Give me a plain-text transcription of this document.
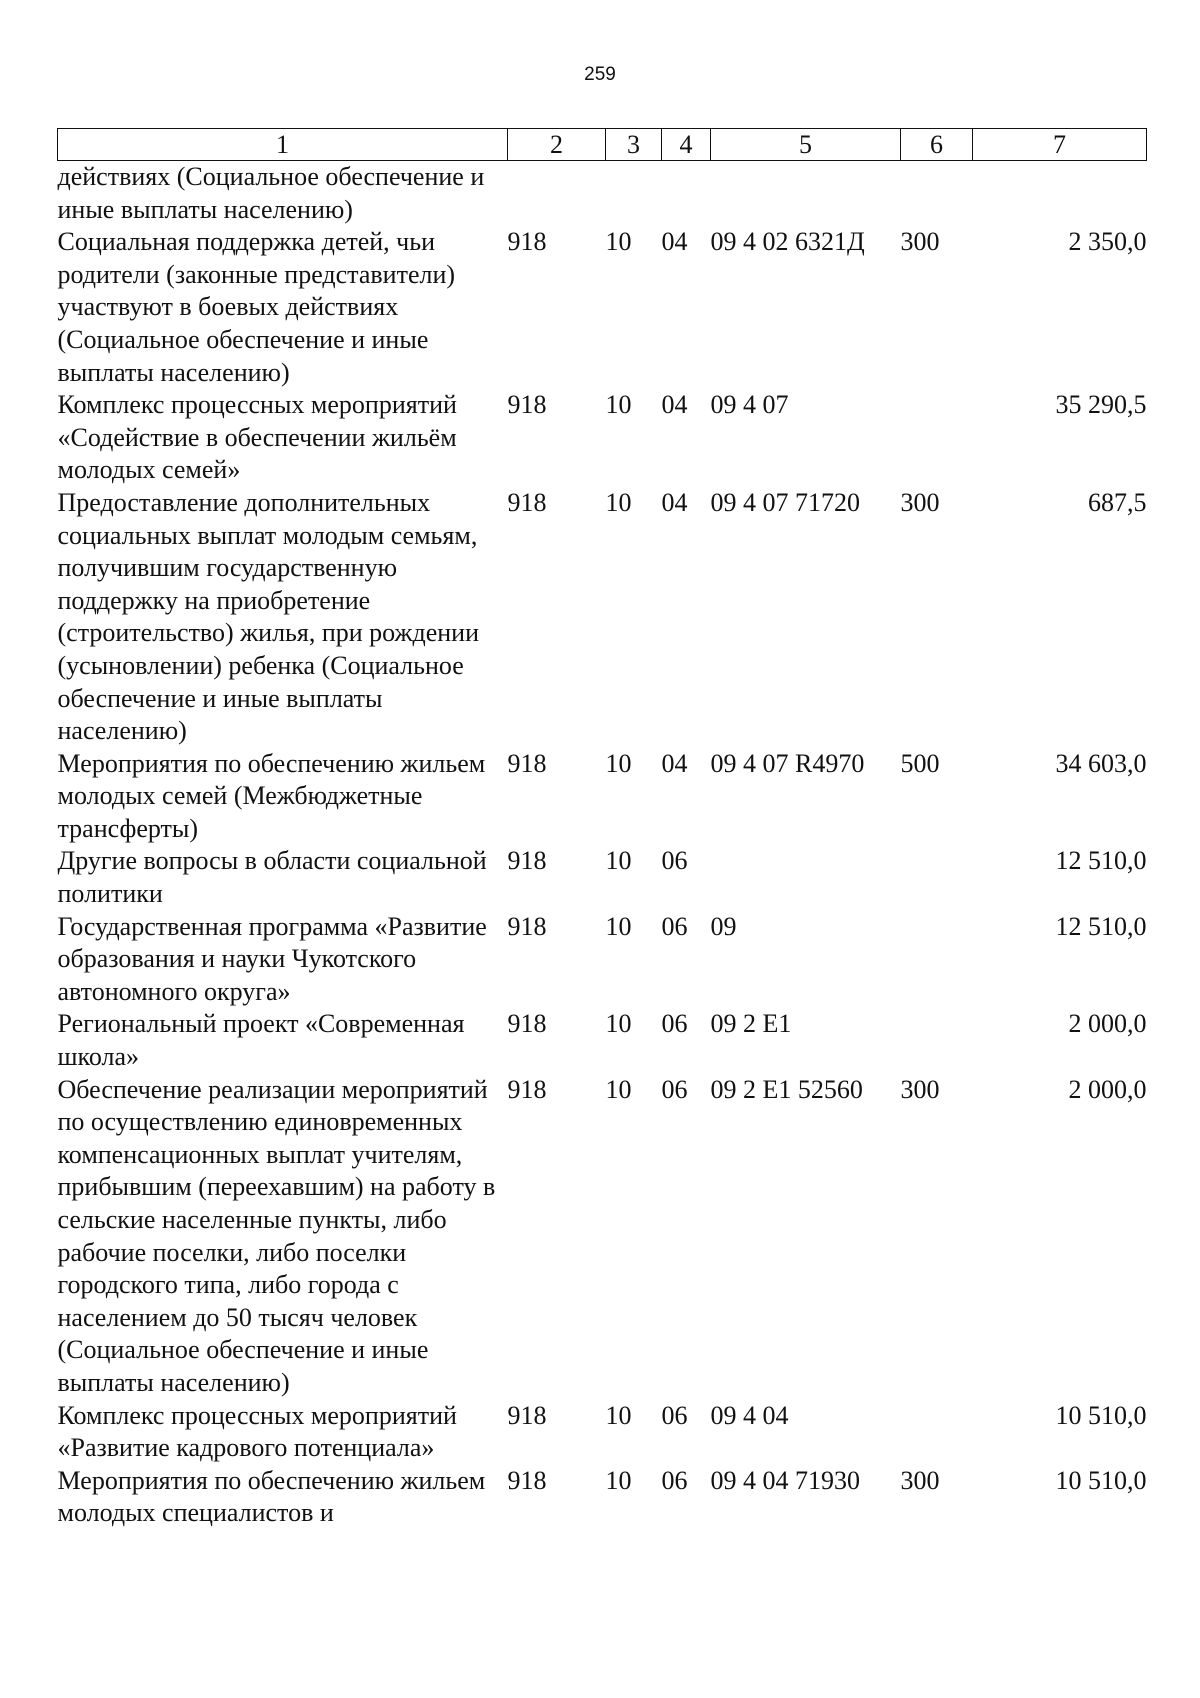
259
1	2	3	4	5	6	7
действиях (Социальное обеспечение и иные выплаты населению)						
Социальная поддержка детей, чьи родители (законные представители) участвуют в боевых действиях (Социальное обеспечение и иные выплаты населению)	918	10	04	09 4 02 6321Д	300	2 350,0
Комплекс процессных мероприятий «Содействие в обеспечении жильём молодых семей»	918	10	04	09 4 07		35 290,5
Предоставление дополнительных социальных выплат молодым семьям, получившим государственную поддержку на приобретение (строительство) жилья, при рождении (усыновлении) ребенка (Социальное обеспечение и иные выплаты населению)	918	10	04	09 4 07 71720	300	687,5
Мероприятия по обеспечению жильем молодых семей (Межбюджетные трансферты)	918	10	04	09 4 07 R4970	500	34 603,0
Другие вопросы в области социальной политики	918	10	06			12 510,0
Государственная программа «Развитие образования и науки Чукотского автономного округа»	918	10	06	09		12 510,0
Региональный проект «Современная школа»	918	10	06	09 2 Е1		2 000,0
Обеспечение реализации мероприятий по осуществлению единовременных компенсационных выплат учителям, прибывшим (переехавшим) на работу в сельские населенные пункты, либо рабочие поселки, либо поселки городского типа, либо города с населением до 50 тысяч человек (Социальное обеспечение и иные выплаты населению)	918	10	06	09 2 Е1 52560	300	2 000,0
Комплекс процессных мероприятий «Развитие кадрового потенциала»	918	10	06	09 4 04		10 510,0
Мероприятия по обеспечению жильем молодых специалистов и	918	10	06	09 4 04 71930	300	10 510,0
